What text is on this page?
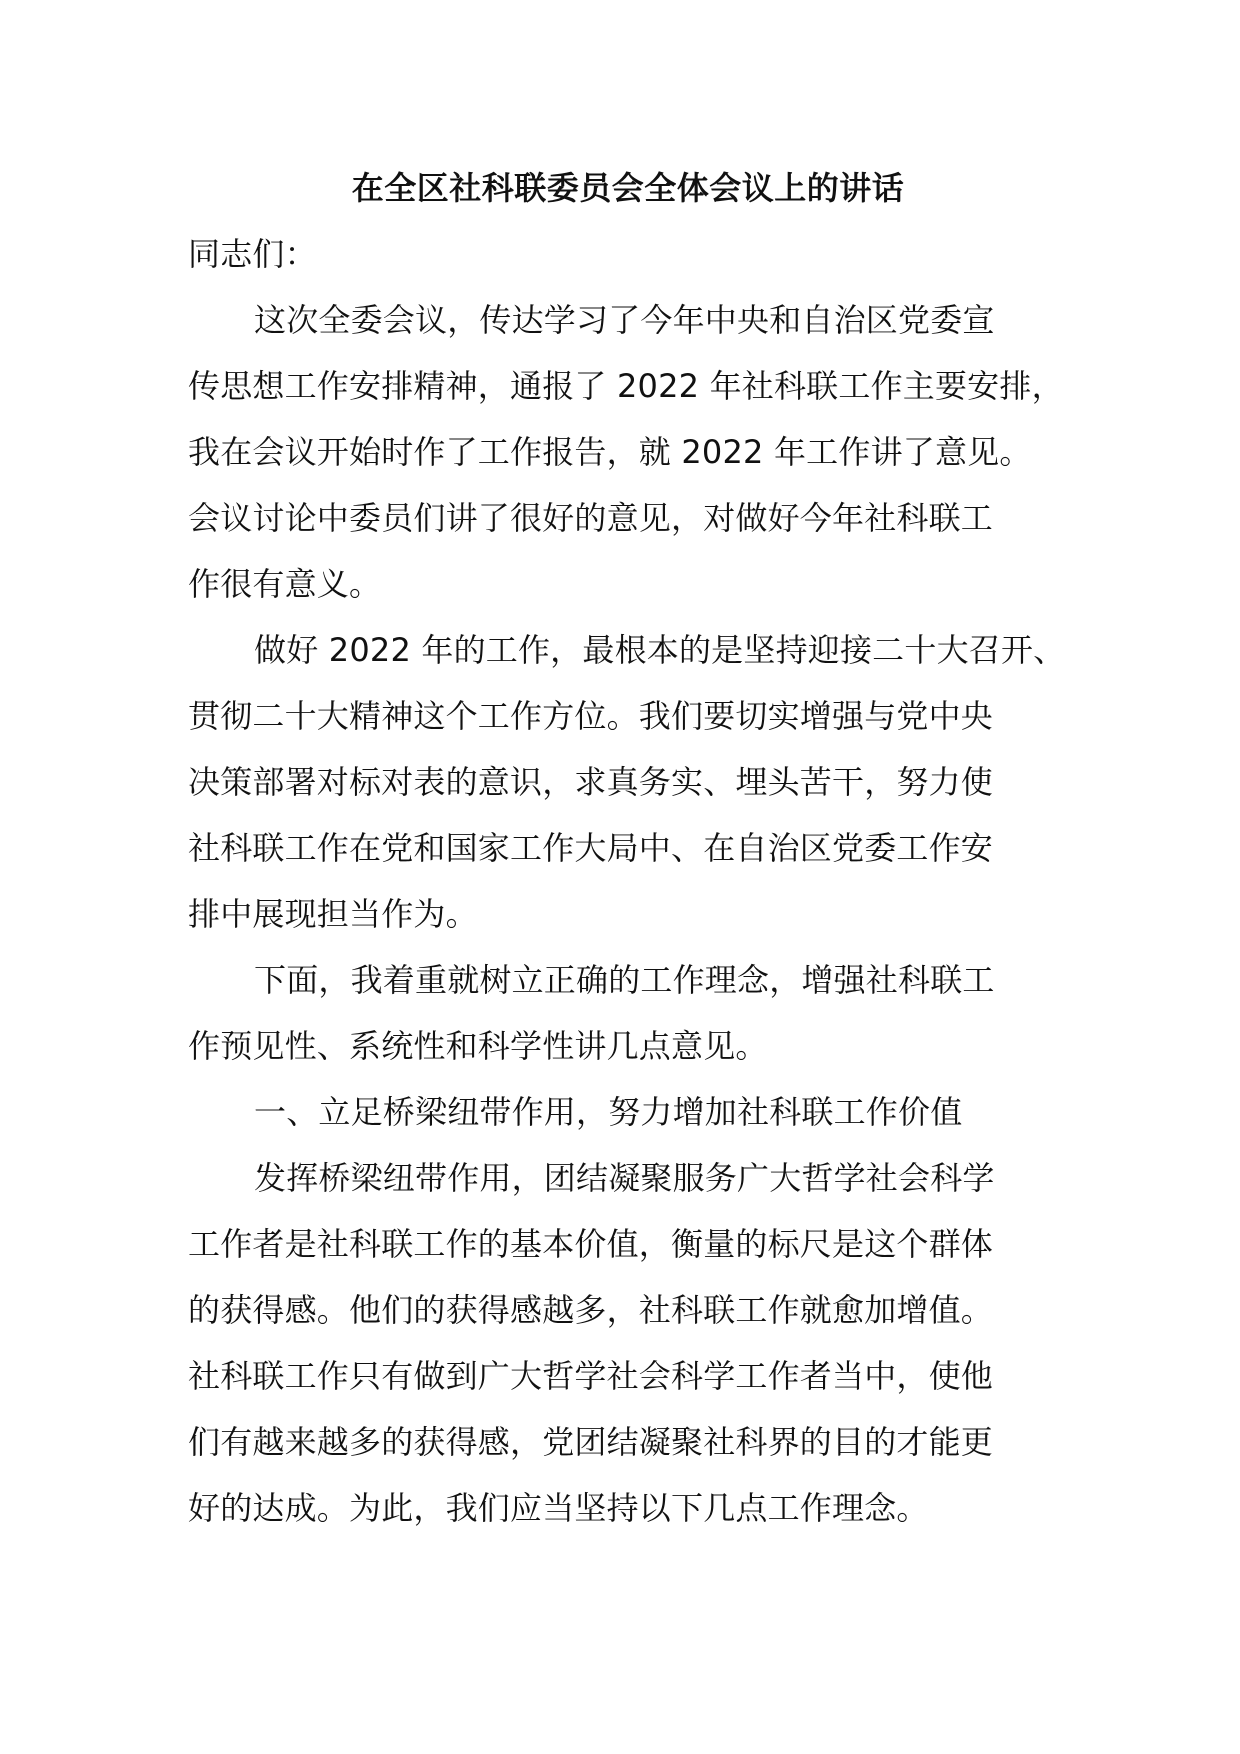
在全区社科联委员会全体会议上的讲话
同志们：
这次全委会议，传达学习了今年中央和自治区党委宣
传思想工作安排精神，通报了 2022 年社科联工作主要安排，
我在会议开始时作了工作报告，就 2022 年工作讲了意见。
会议讨论中委员们讲了很好的意见，对做好今年社科联工
作很有意义。
做好 2022 年的工作，最根本的是坚持迎接二十大召开、
贯彻二十大精神这个工作方位。我们要切实增强与党中央
决策部署对标对表的意识，求真务实、埋头苦干，努力使
社科联工作在党和国家工作大局中、在自治区党委工作安
排中展现担当作为。
下面，我着重就树立正确的工作理念，增强社科联工
作预见性、系统性和科学性讲几点意见。
一、立足桥梁纽带作用，努力增加社科联工作价值
发挥桥梁纽带作用，团结凝聚服务广大哲学社会科学
工作者是社科联工作的基本价值，衡量的标尺是这个群体
的获得感。他们的获得感越多，社科联工作就愈加增值。
社科联工作只有做到广大哲学社会科学工作者当中，使他
们有越来越多的获得感，党团结凝聚社科界的目的才能更
好的达成。为此，我们应当坚持以下几点工作理念。
